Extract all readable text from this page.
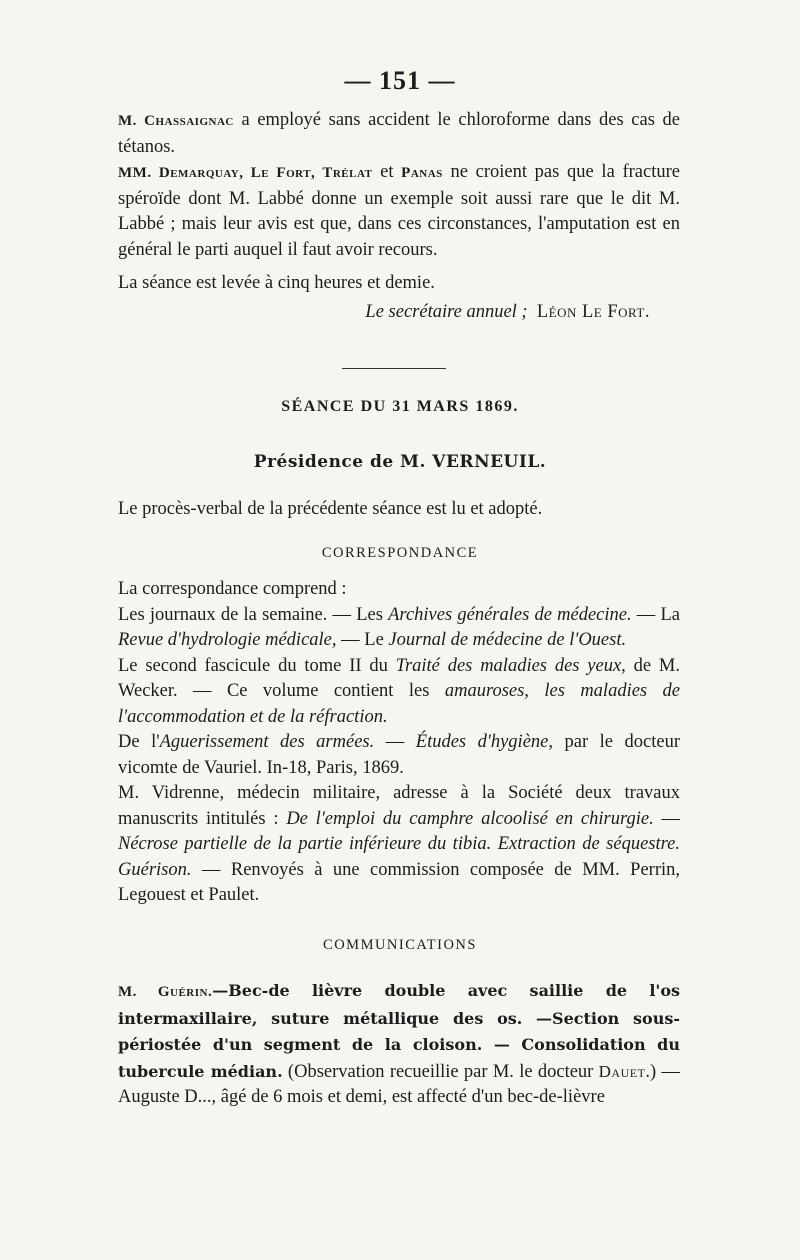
— 151 —

M. Chassaignac a employé sans accident le chloroforme dans des cas de tétanos.

MM. Demarquay, Le Fort, Trélat et Panas ne croient pas que la fracture spéroïde dont M. Labbé donne un exemple soit aussi rare que le dit M. Labbé ; mais leur avis est que, dans ces circonstances, l'amputation est en général le parti auquel il faut avoir recours.

La séance est levée à cinq heures et demie.

Le secrétaire annuel ; Léon Le Fort.
SÉANCE DU 31 MARS 1869.
Présidence de M. VERNEUIL.
Le procès-verbal de la précédente séance est lu et adopté.
CORRESPONDANCE

La correspondance comprend :

Les journaux de la semaine. — Les Archives générales de médecine. — La Revue d'hydrologie médicale, — Le Journal de médecine de l'Ouest.

Le second fascicule du tome II du Traité des maladies des yeux, de M. Wecker. — Ce volume contient les amauroses, les maladies de l'accommodation et de la réfraction.

De l'Aguerissement des armées. — Études d'hygiène, par le docteur vicomte de Vauriel. In-18, Paris, 1869.

M. Vidrenne, médecin militaire, adresse à la Société deux travaux manuscrits intitulés : De l'emploi du camphre alcoolisé en chirurgie. — Nécrose partielle de la partie inférieure du tibia. Extraction de séquestre. Guérison. — Renvoyés à une commission composée de MM. Perrin, Legouest et Paulet.

COMMUNICATIONS

M. Guérin.—Bec-de lièvre double avec saillie de l'os intermaxillaire, suture métallique des os. —Section sous-périostée d'un segment de la cloison. — Consolidation du tubercule médian. (Observation recueillie par M. le docteur Dauet.) — Auguste D..., âgé de 6 mois et demi, est affecté d'un bec-de-lièvre
